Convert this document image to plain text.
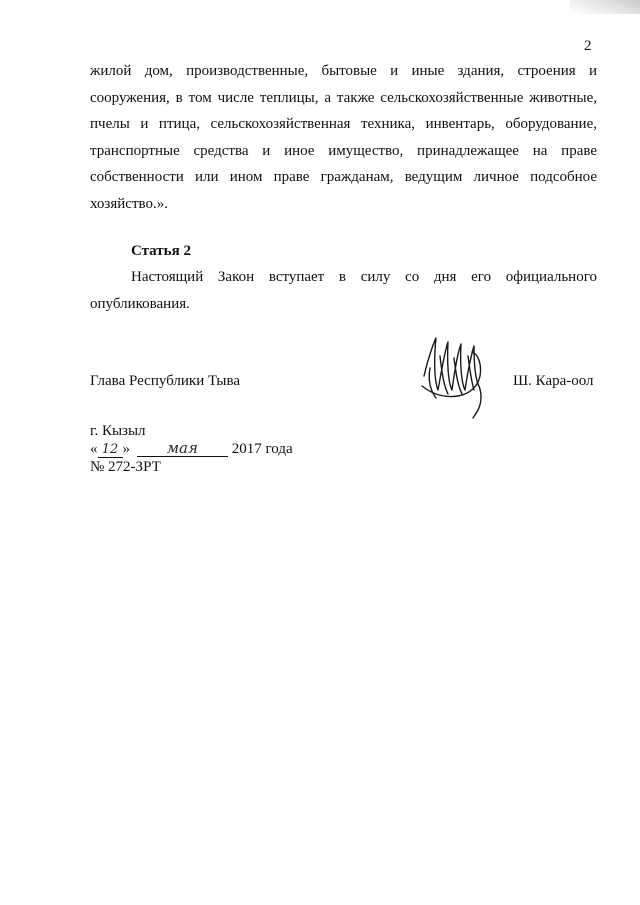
2

жилой дом, производственные, бытовые и иные здания, строения и

сооружения, в том числе теплицы, а также сельскохозяйственные животные,

пчелы и птица, сельскохозяйственная техника, инвентарь, оборудование,

транспортные средства и иное имущество, принадлежащее на праве

собственности или ином праве гражданам, ведущим личное подсобное

хозяйство.».

Статья 2

Настоящий Закон вступает в силу со дня его официального опубликования.

Глава Республики Тыва	Ш. Кара-оол
г. Кызыл
« 12 » мая 2017 года
№ 272-ЗРТ
